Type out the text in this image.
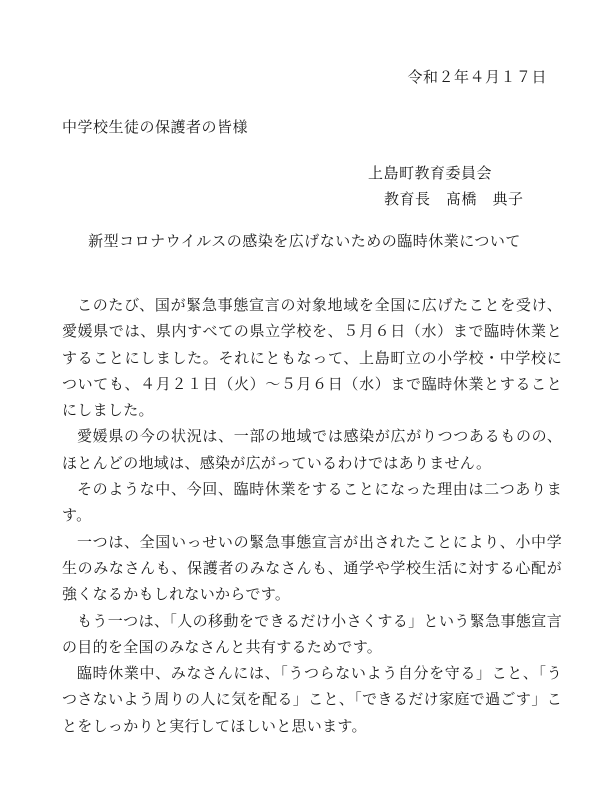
令和２年４月１７日
中学校生徒の保護者の皆様
上島町教育委員会
教育長　髙橋　典子
新型コロナウイルスの感染を広げないための臨時休業について

このたび、国が緊急事態宣言の対象地域を全国に広げたことを受け、愛媛県では、県内すべての県立学校を、５月６日（水）まで臨時休業とすることにしました。それにともなって、上島町立の小学校・中学校についても、４月２１日（火）～５月６日（水）まで臨時休業とすることにしました。

愛媛県の今の状況は、一部の地域では感染が広がりつつあるものの、ほとんどの地域は、感染が広がっているわけではありません。

そのような中、今回、臨時休業をすることになった理由は二つあります。

一つは、全国いっせいの緊急事態宣言が出されたことにより、小中学生のみなさんも、保護者のみなさんも、通学や学校生活に対する心配が強くなるかもしれないからです。

もう一つは、「人の移動をできるだけ小さくする」という緊急事態宣言の目的を全国のみなさんと共有するためです。

臨時休業中、みなさんには、「うつらないよう自分を守る」こと、「うつさないよう周りの人に気を配る」こと、「できるだけ家庭で過ごす」ことをしっかりと実行してほしいと思います。
